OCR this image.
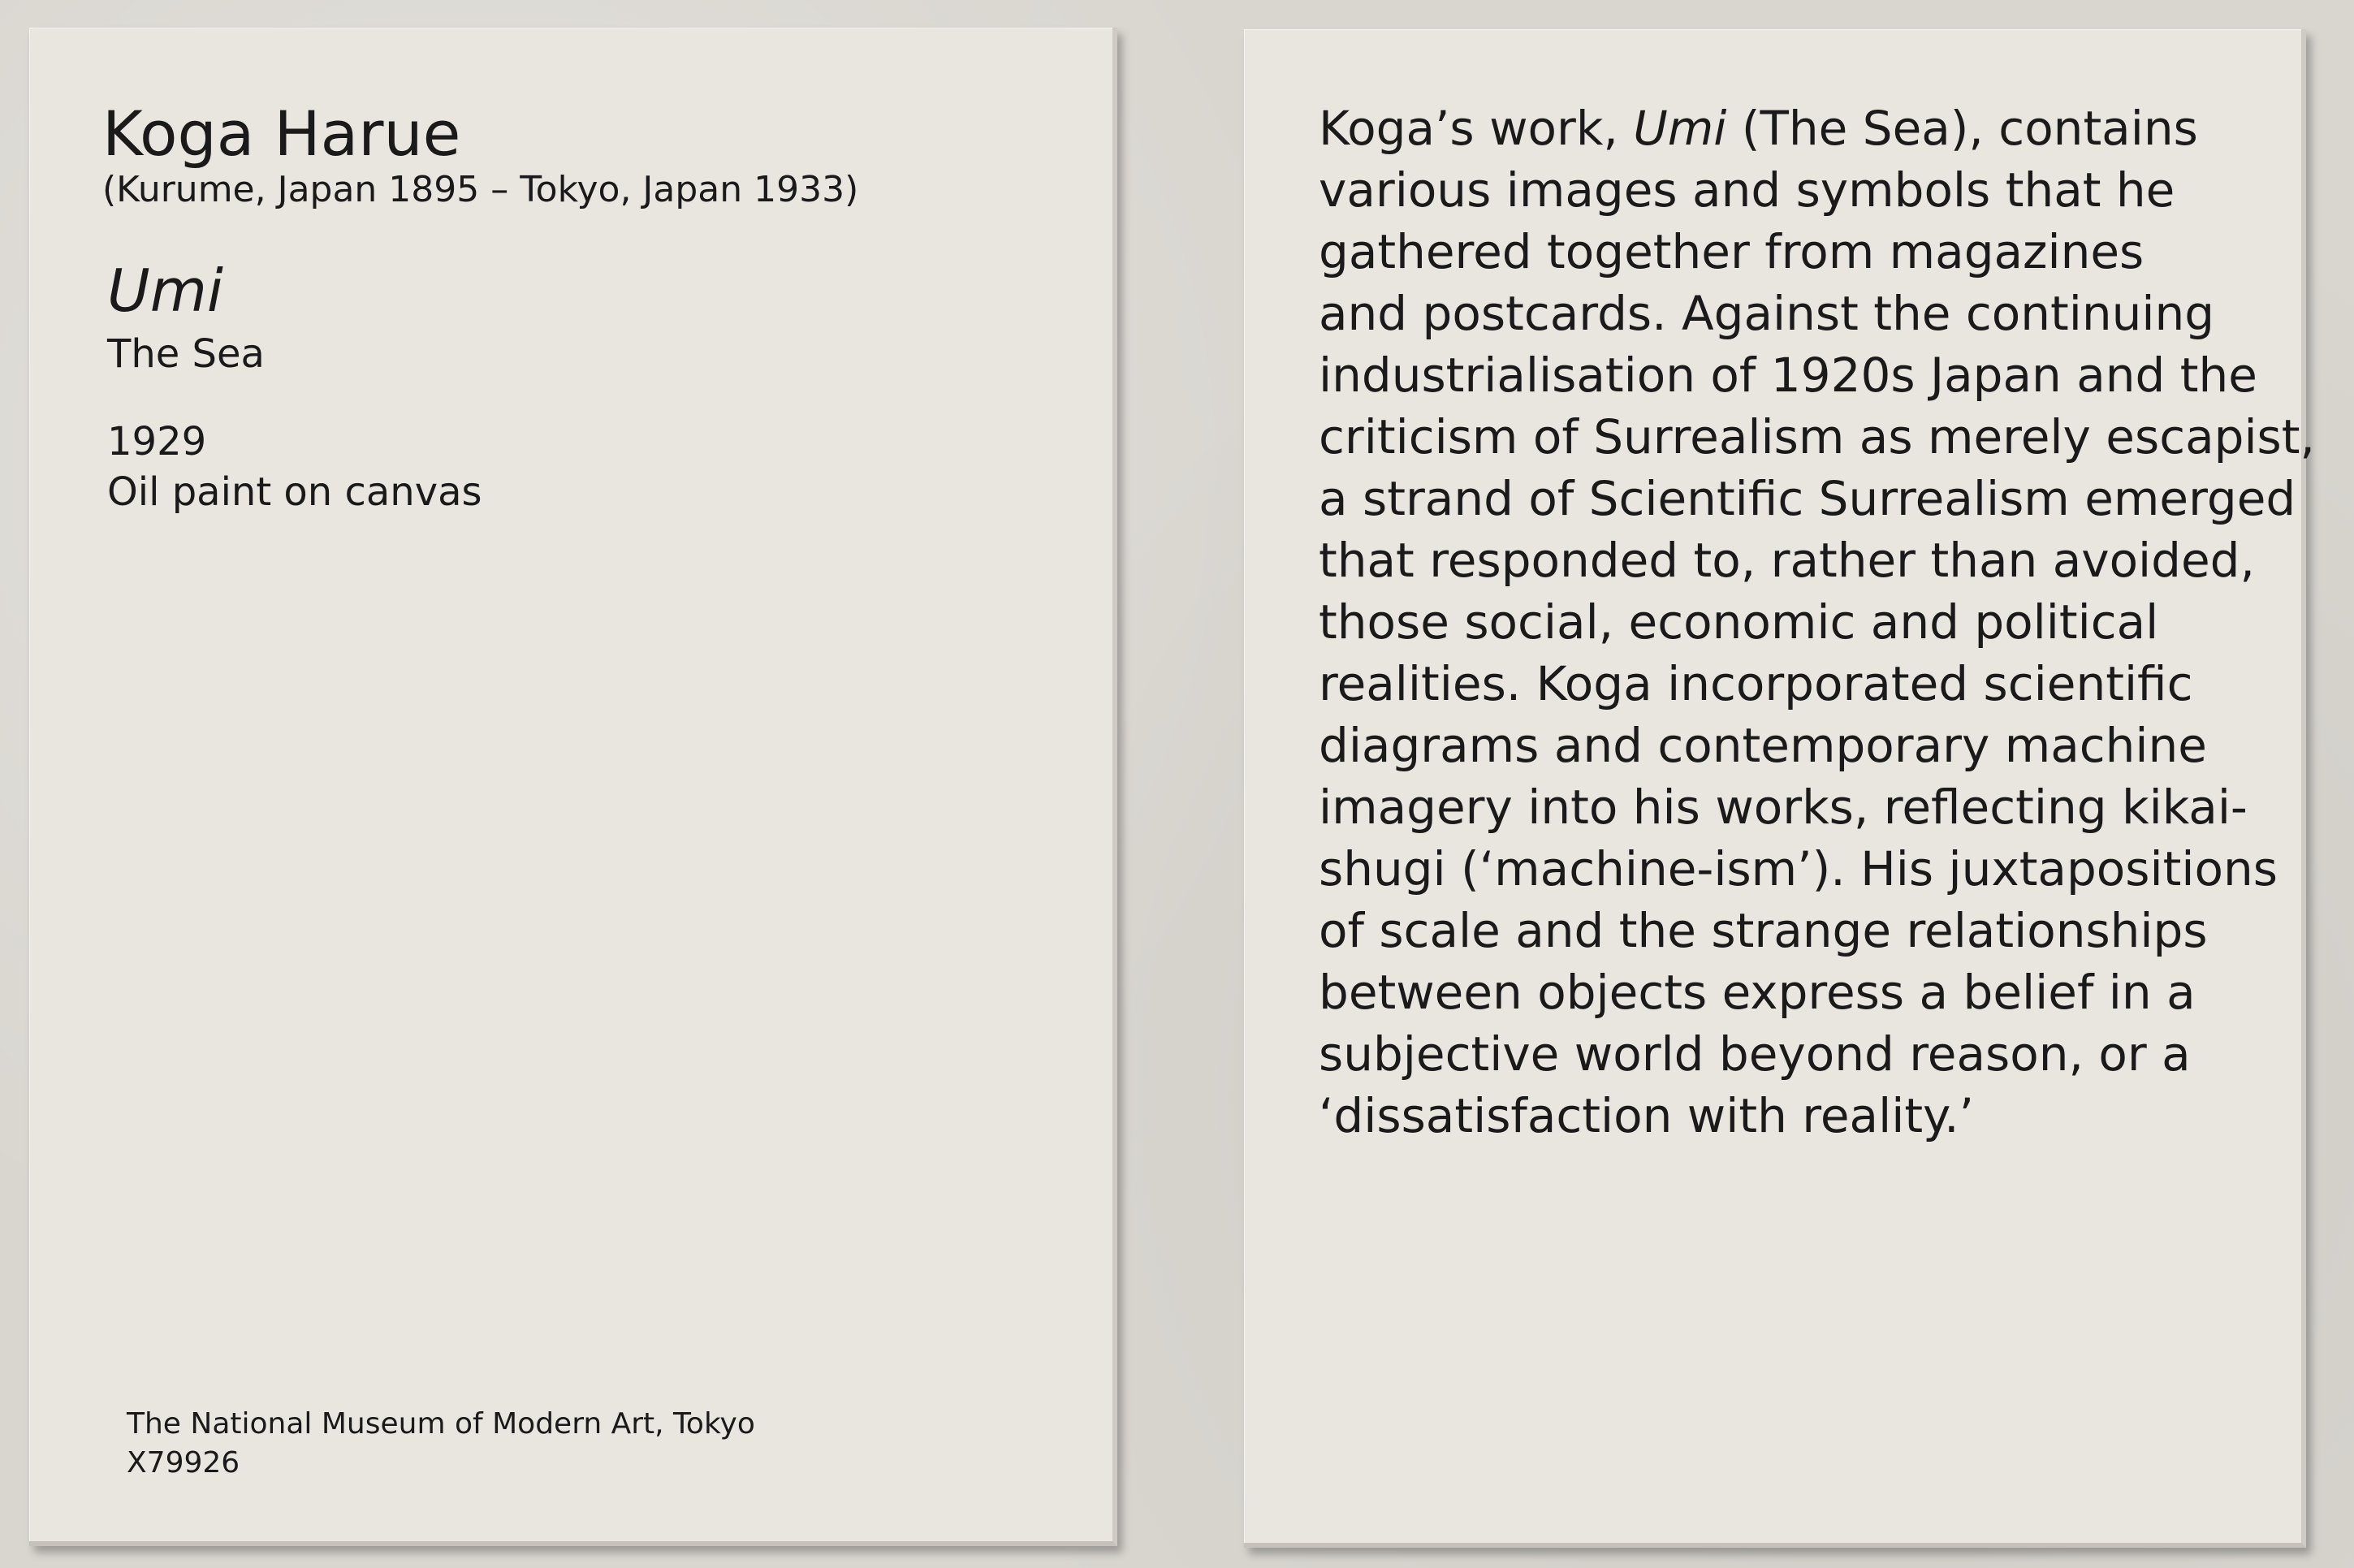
Koga Harue
(Kurume, Japan 1895 – Tokyo, Japan 1933)
Umi
The Sea
1929
Oil paint on canvas
The National Museum of Modern Art, Tokyo
X79926

Koga’s work, Umi (The Sea), contains
various images and symbols that he
gathered together from magazines
and postcards. Against the continuing
industrialisation of 1920s Japan and the
criticism of Surrealism as merely escapist,
a strand of Scientific Surrealism emerged
that responded to, rather than avoided,
those social, economic and political
realities. Koga incorporated scientific
diagrams and contemporary machine
imagery into his works, reflecting kikai-
shugi (‘machine-ism’). His juxtapositions
of scale and the strange relationships
between objects express a belief in a
subjective world beyond reason, or a
‘dissatisfaction with reality.’
